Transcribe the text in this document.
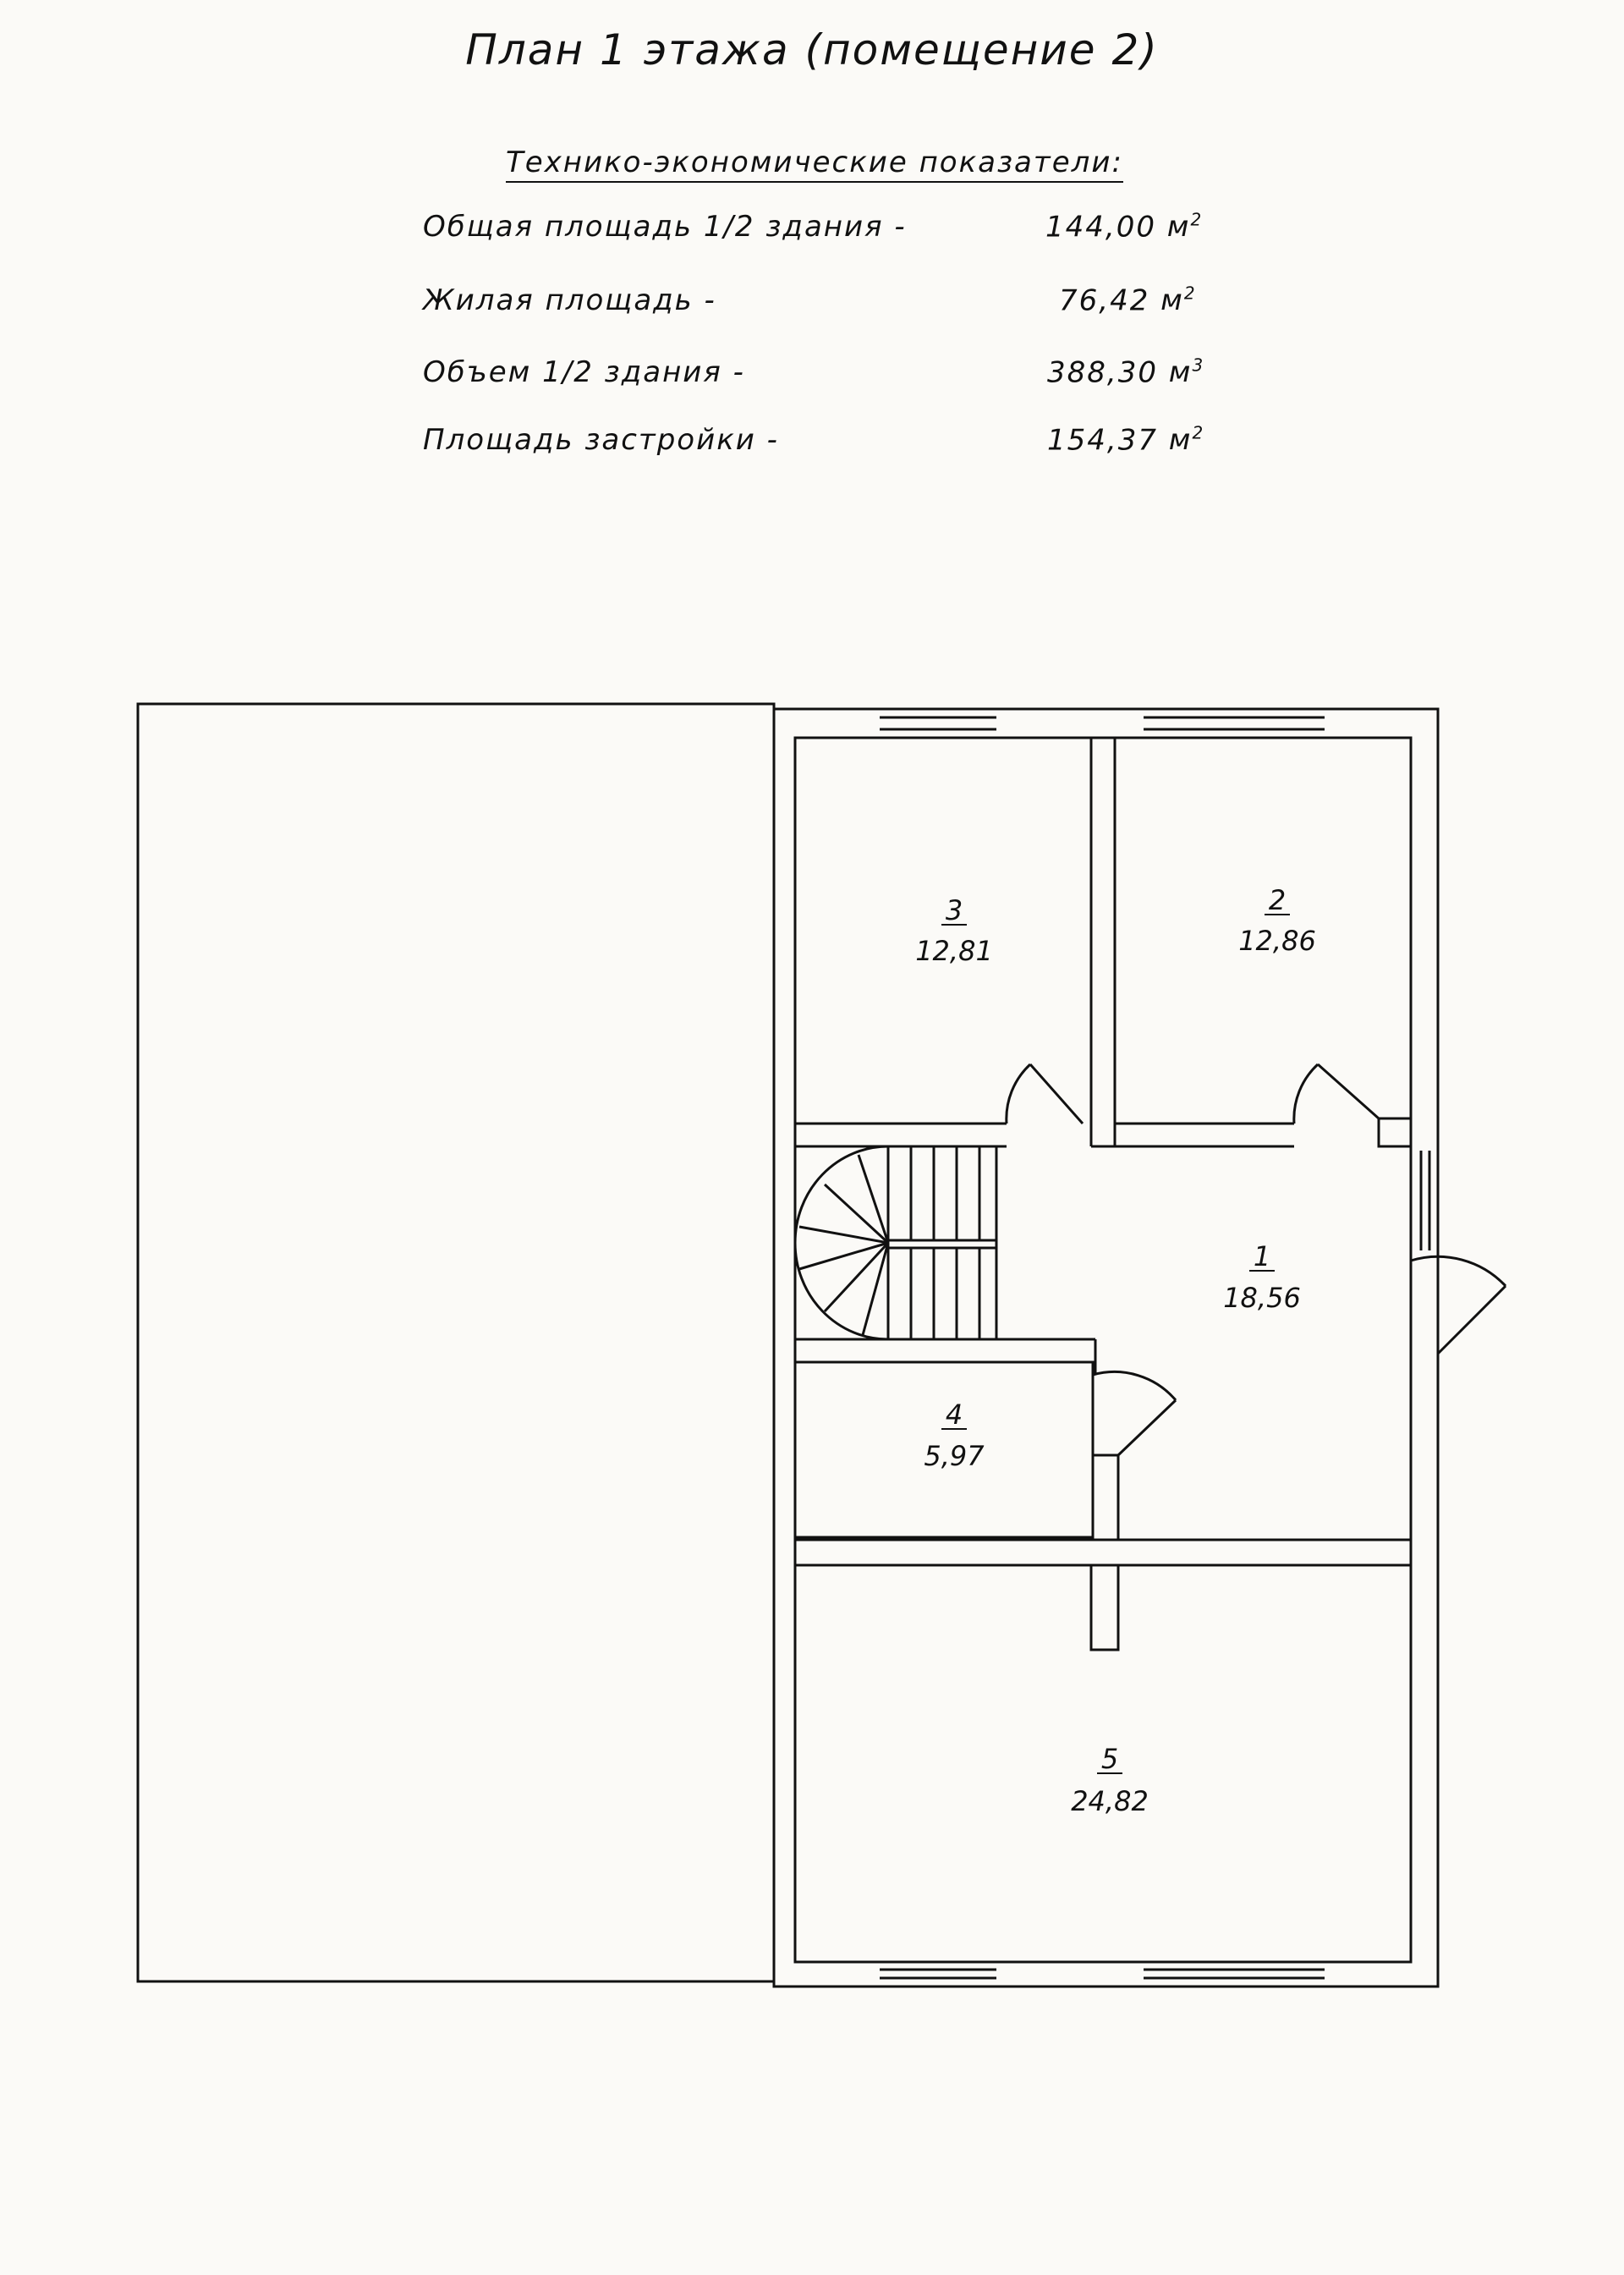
План 1 этажа (помещение 2)
Технико-экономические показатели:
Общая площадь 1/2 здания -	144,00 $м^2$
Жилая площадь -	76,42 $м^2$
Объем 1/2 здания -	388,30 $м^3$
Площадь застройки -	154,37 $м^2$
3
12,81
2
12,86
1
18,56
4
5,97
5
24,82
